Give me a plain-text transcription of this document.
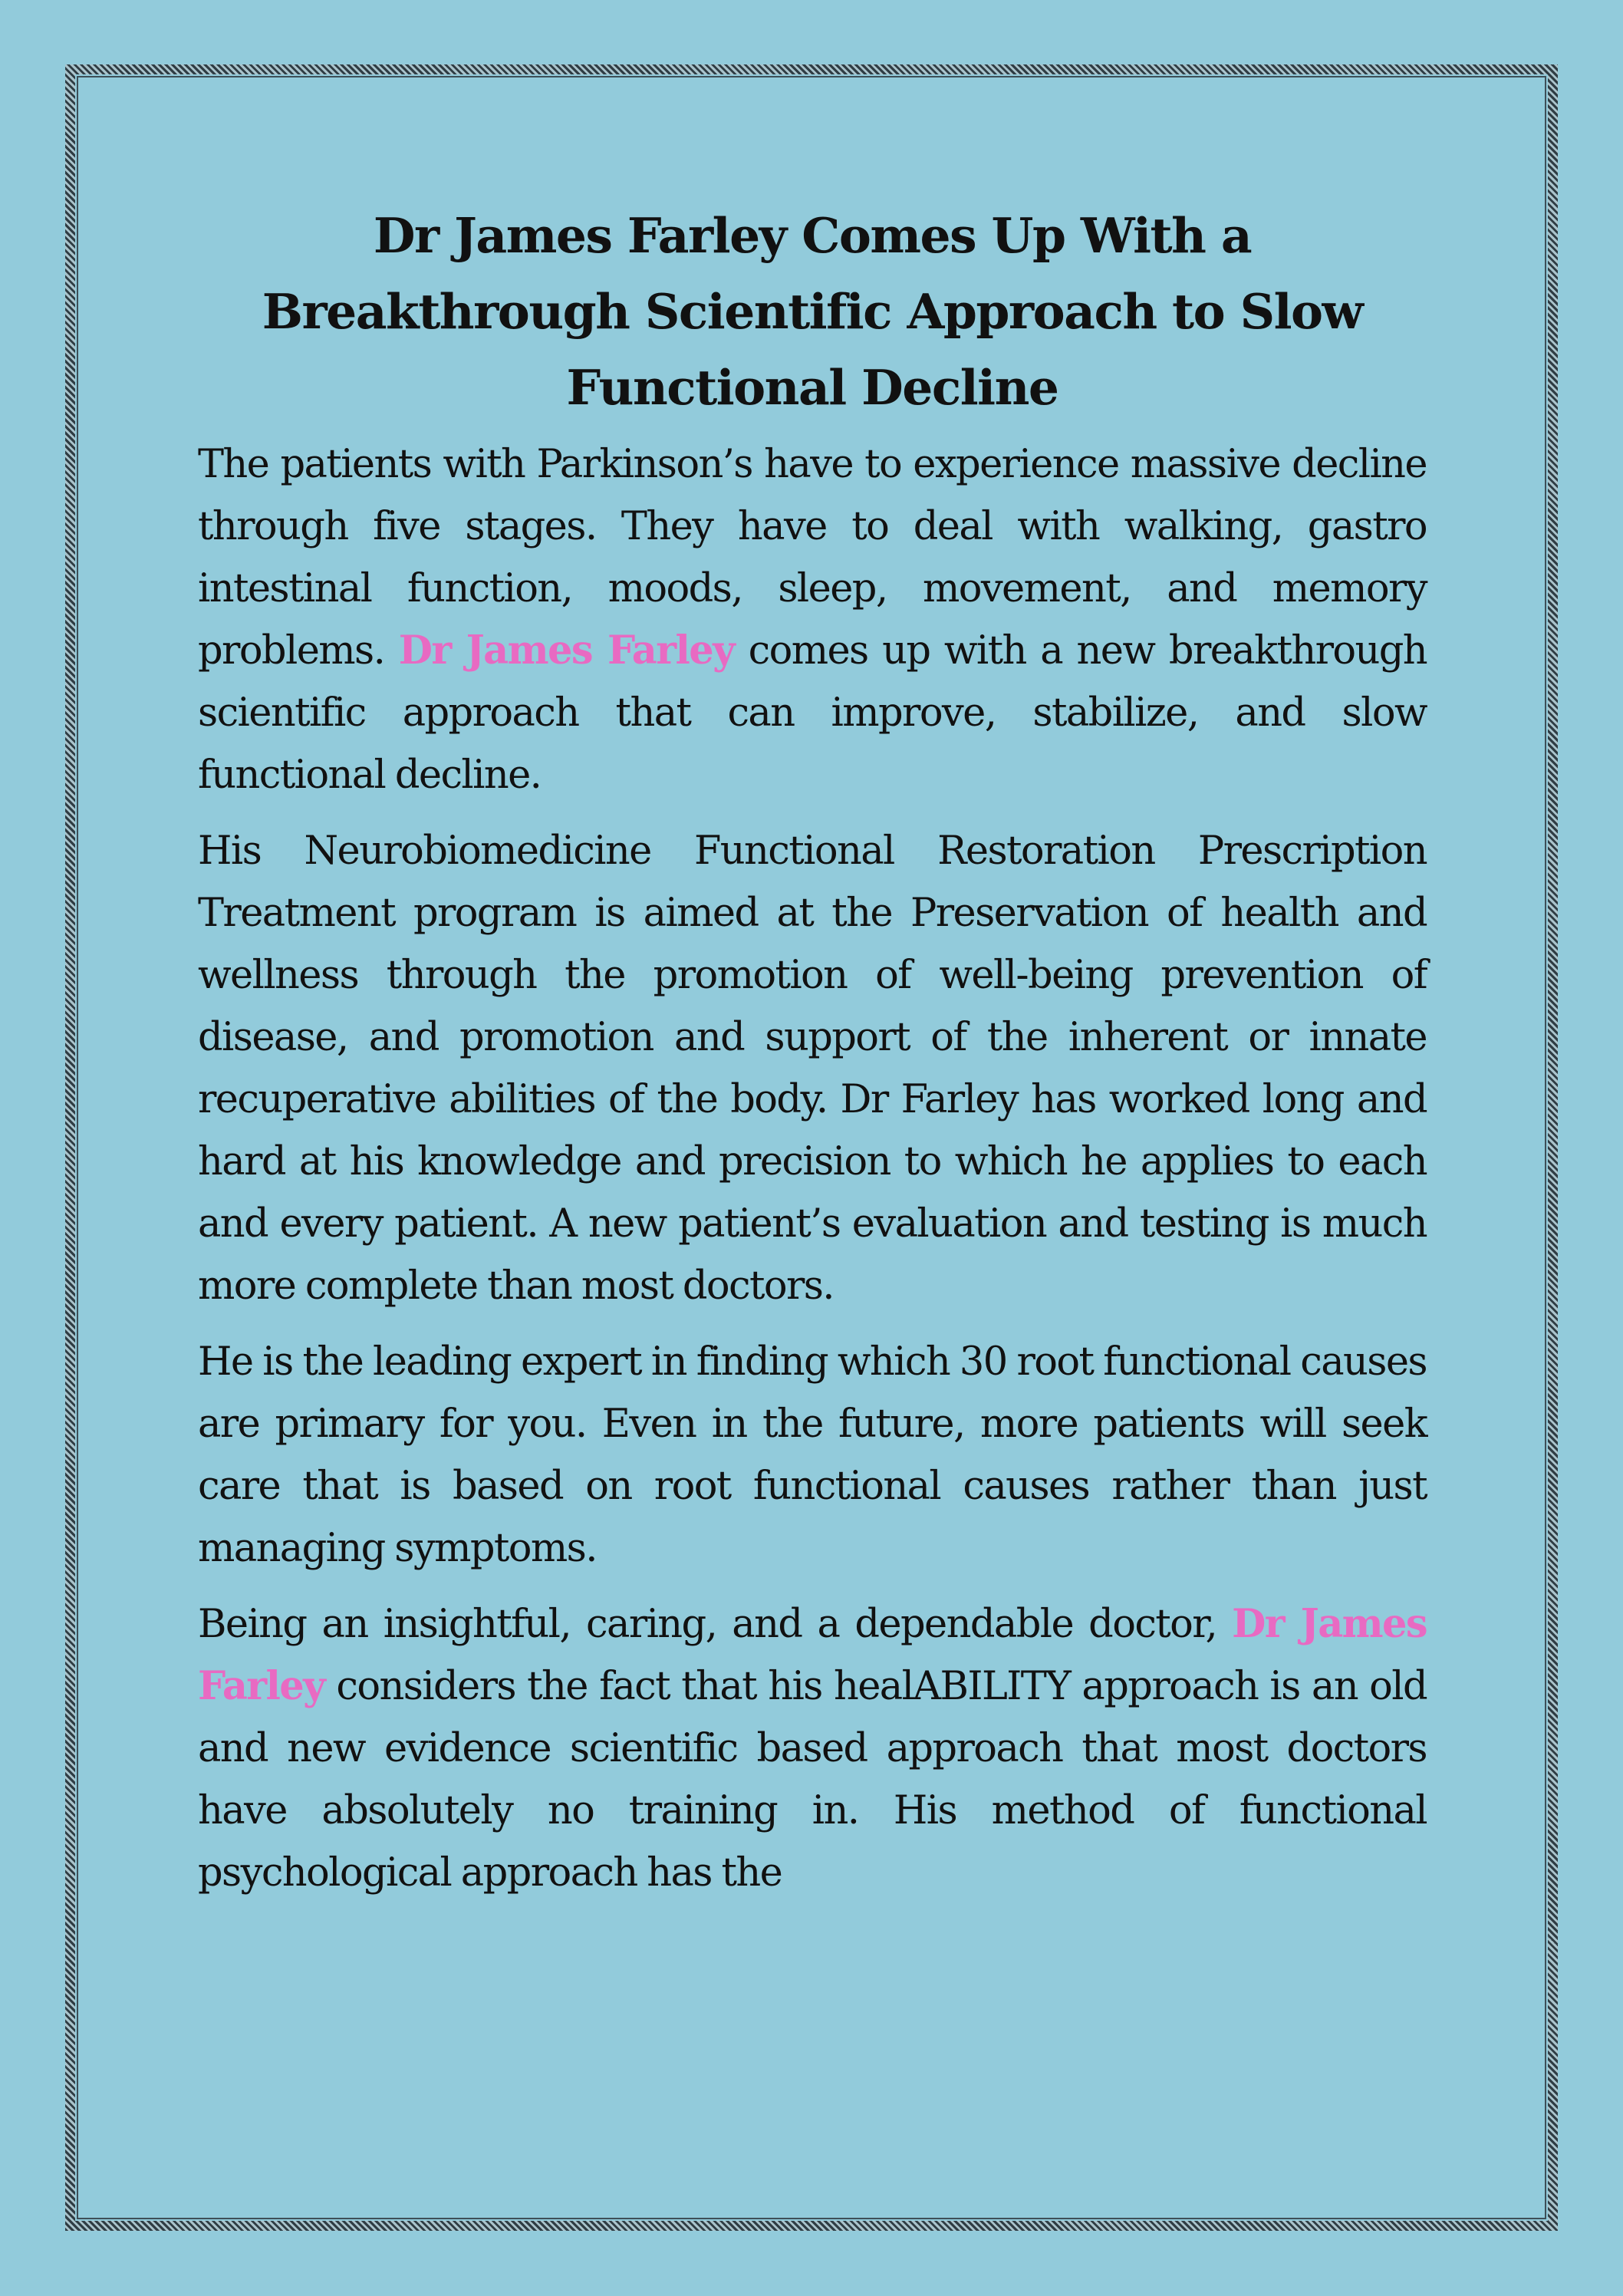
Dr James Farley Comes Up With a Breakthrough Scientific Approach to Slow Functional Decline

The patients with Parkinson’s have to experience massive decline through five stages. They have to deal with walking, gastro intestinal function, moods, sleep, movement, and memory problems. Dr James Farley comes up with a new breakthrough scientific approach that can improve, stabilize, and slow functional decline.

His Neurobiomedicine Functional Restoration Prescription Treatment program is aimed at the Preservation of health and wellness through the promotion of well-being prevention of disease, and promotion and support of the inherent or innate recuperative abilities of the body. Dr Farley has worked long and hard at his knowledge and precision to which he applies to each and every patient. A new patient’s evaluation and testing is much more complete than most doctors.

He is the leading expert in finding which 30 root functional causes are primary for you. Even in the future, more patients will seek care that is based on root functional causes rather than just managing symptoms.

Being an insightful, caring, and a dependable doctor, Dr James Farley considers the fact that his healABILITY approach is an old and new evidence scientific based approach that most doctors have absolutely no training in. His method of functional psychological approach has the
